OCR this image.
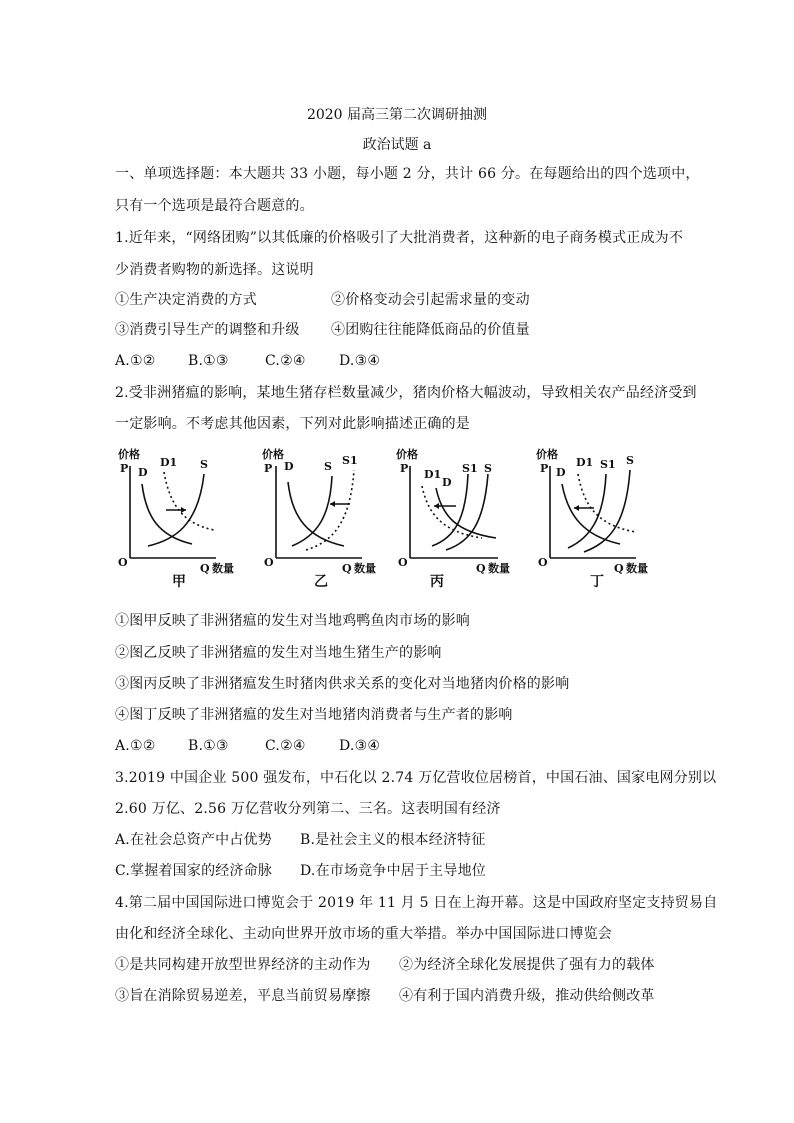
2020 届高三第二次调研抽测
政治试题 a
一、单项选择题：本大题共 33 小题，每小题 2 分，共计 66 分。在每题给出的四个选项中，
只有一个选项是最符合题意的。
1.近年来，“网络团购”以其低廉的价格吸引了大批消费者，这种新的电子商务模式正成为不
少消费者购物的新选择。这说明
①生产决定消费的方式	②价格变动会引起需求量的变动
③消费引导生产的调整和升级 ④团购往往能降低商品的价值量
A.①② B.①③	C.②④ D.③④
2.受非洲猪瘟的影响，某地生猪存栏数量减少，猪肉价格大幅波动，导致相关农产品经济受到
一定影响。不考虑其他因素，下列对此影响描述正确的是
价格
P
O	Q 数量
D
D1 S
甲
价格
P
O	Q 数量
D	S S1
乙
价格
P
O	Q 数量
D1
D
S1 S
丙
价格
P
O	Q 数量
D
D1 S1 S
丁
①图甲反映了非洲猪瘟的发生对当地鸡鸭鱼肉市场的影响
②图乙反映了非洲猪瘟的发生对当地生猪生产的影响
③图丙反映了非洲猪瘟发生时猪肉供求关系的变化对当地猪肉价格的影响
④图丁反映了非洲猪瘟的发生对当地猪肉消费者与生产者的影响
A.①② B.①③	C.②④ D.③④
3.2019 中国企业 500 强发布，中石化以 2.74 万亿营收位居榜首，中国石油、国家电网分别以
2.60 万亿、2.56 万亿营收分列第二、三名。这表明国有经济
A.在社会总资产中占优势 B.是社会主义的根本经济特征
C.掌握着国家的经济命脉 D.在市场竞争中居于主导地位
4.第二届中国国际进口博览会于 2019 年 11 月 5 日在上海开幕。这是中国政府坚定支持贸易自
由化和经济全球化、主动向世界开放市场的重大举措。举办中国国际进口博览会
①是共同构建开放型世界经济的主动作为 ②为经济全球化发展提供了强有力的载体
③旨在消除贸易逆差，平息当前贸易摩擦 ④有利于国内消费升级，推动供给侧改革
